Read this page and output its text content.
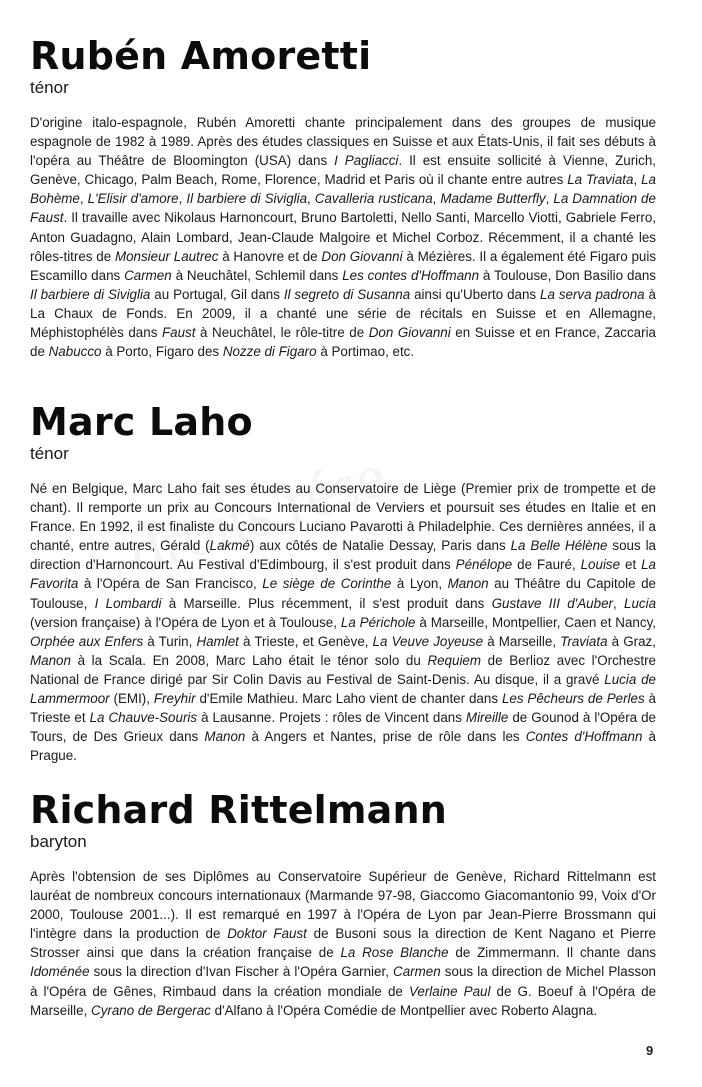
Rubén Amoretti
ténor

D'origine italo-espagnole, Rubén Amoretti chante principalement dans des groupes de musique espagnole de 1982 à 1989. Après des études classiques en Suisse et aux États-Unis, il fait ses débuts à l'opéra au Théâtre de Bloomington (USA) dans I Pagliacci. Il est ensuite sollicité à Vienne, Zurich, Genève, Chicago, Palm Beach, Rome, Florence, Madrid et Paris où il chante entre autres La Traviata, La Bohème, L'Elisir d'amore, Il barbiere di Siviglia, Cavalleria rusticana, Madame Butterfly, La Damnation de Faust. Il travaille avec Nikolaus Harnoncourt, Bruno Bartoletti, Nello Santi, Marcello Viotti, Gabriele Ferro, Anton Guadagno, Alain Lombard, Jean-Claude Malgoire et Michel Corboz. Récemment, il a chanté les rôles-titres de Monsieur Lautrec à Hanovre et de Don Giovanni à Mézières. Il a également été Figaro puis Escamillo dans Carmen à Neuchâtel, Schlemil dans Les contes d'Hoffmann à Toulouse, Don Basilio dans Il barbiere di Siviglia au Portugal, Gil dans Il segreto di Susanna ainsi qu'Uberto dans La serva padrona à La Chaux de Fonds. En 2009, il a chanté une série de récitals en Suisse et en Allemagne, Méphistophélès dans Faust à Neuchâtel, le rôle-titre de Don Giovanni en Suisse et en France, Zaccaria de Nabucco à Porto, Figaro des Nozze di Figaro à Portimao, etc.

Marc Laho
ténor

Né en Belgique, Marc Laho fait ses études au Conservatoire de Liège (Premier prix de trompette et de chant). Il remporte un prix au Concours International de Verviers et poursuit ses études en Italie et en France. En 1992, il est finaliste du Concours Luciano Pavarotti à Philadelphie. Ces dernières années, il a chanté, entre autres, Gérald (Lakmé) aux côtés de Natalie Dessay, Paris dans La Belle Hélène sous la direction d'Harnoncourt. Au Festival d'Edimbourg, il s'est produit dans Pénélope de Fauré, Louise et La Favorita à l'Opéra de San Francisco, Le siège de Corinthe à Lyon, Manon au Théâtre du Capitole de Toulouse, I Lombardi à Marseille. Plus récemment, il s'est produit dans Gustave III d'Auber, Lucia (version française) à l'Opéra de Lyon et à Toulouse, La Périchole à Marseille, Montpellier, Caen et Nancy, Orphée aux Enfers à Turin, Hamlet à Trieste, et Genève, La Veuve Joyeuse à Marseille, Traviata à Graz, Manon à la Scala. En 2008, Marc Laho était le ténor solo du Requiem de Berlioz avec l'Orchestre National de France dirigé par Sir Colin Davis au Festival de Saint-Denis. Au disque, il a gravé Lucia de Lammermoor (EMI), Freyhir d'Emile Mathieu. Marc Laho vient de chanter dans Les Pêcheurs de Perles à Trieste et La Chauve-Souris à Lausanne. Projets : rôles de Vincent dans Mireille de Gounod à l'Opéra de Tours, de Des Grieux dans Manon à Angers et Nantes, prise de rôle dans les Contes d'Hoffmann à Prague.

Richard Rittelmann
baryton

Après l'obtension de ses Diplômes au Conservatoire Supérieur de Genève, Richard Rittelmann est lauréat de nombreux concours internationaux (Marmande 97-98, Giaccomo Giacomantonio 99, Voix d'Or 2000, Toulouse 2001...). Il est remarqué en 1997 à l'Opéra de Lyon par Jean-Pierre Brossmann qui l'intègre dans la production de Doktor Faust de Busoni sous la direction de Kent Nagano et Pierre Strosser ainsi que dans la création française de La Rose Blanche de Zimmermann. Il chante dans Idoménée sous la direction d'Ivan Fischer à l'Opéra Garnier, Carmen sous la direction de Michel Plasson à l'Opéra de Gênes, Rimbaud dans la création mondiale de Verlaine Paul de G. Boeuf à l'Opéra de Marseille, Cyrano de Bergerac d'Alfano à l'Opéra Comédie de Montpellier avec Roberto Alagna.

9
